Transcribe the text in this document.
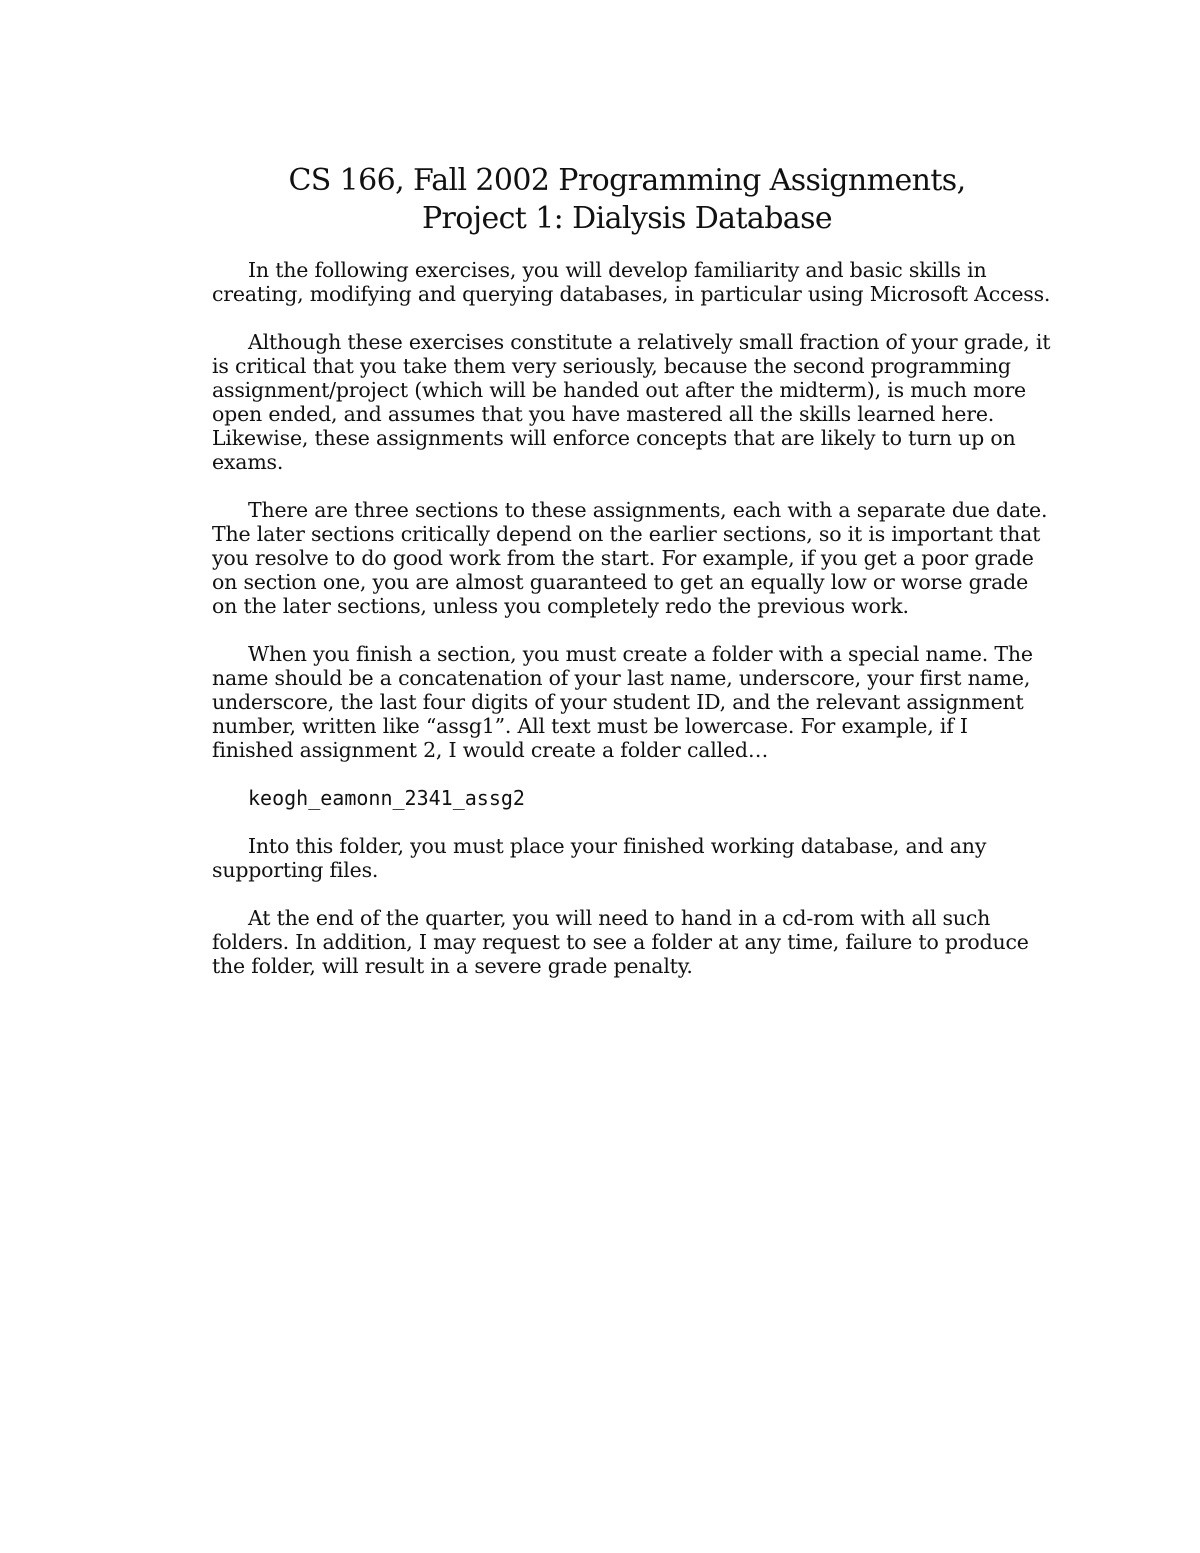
CS 166, Fall 2002 Programming Assignments,
Project 1: Dialysis Database

In the following exercises, you will develop familiarity and basic skills in creating, modifying and querying databases, in particular using Microsoft Access.

Although these exercises constitute a relatively small fraction of your grade, it is critical that you take them very seriously, because the second programming assignment/project (which will be handed out after the midterm), is much more open ended, and assumes that you have mastered all the skills learned here. Likewise, these assignments will enforce concepts that are likely to turn up on exams.

There are three sections to these assignments, each with a separate due date. The later sections critically depend on the earlier sections, so it is important that you resolve to do good work from the start. For example, if you get a poor grade on section one, you are almost guaranteed to get an equally low or worse grade on the later sections, unless you completely redo the previous work.

When you finish a section, you must create a folder with a special name. The name should be a concatenation of your last name, underscore, your first name, underscore, the last four digits of your student ID, and the relevant assignment number, written like “assg1”. All text must be lowercase. For example, if I finished assignment 2, I would create a folder called…

keogh_eamonn_2341_assg2

Into this folder, you must place your finished working database, and any supporting files.

At the end of the quarter, you will need to hand in a cd-rom with all such folders. In addition, I may request to see a folder at any time, failure to produce the folder, will result in a severe grade penalty.
